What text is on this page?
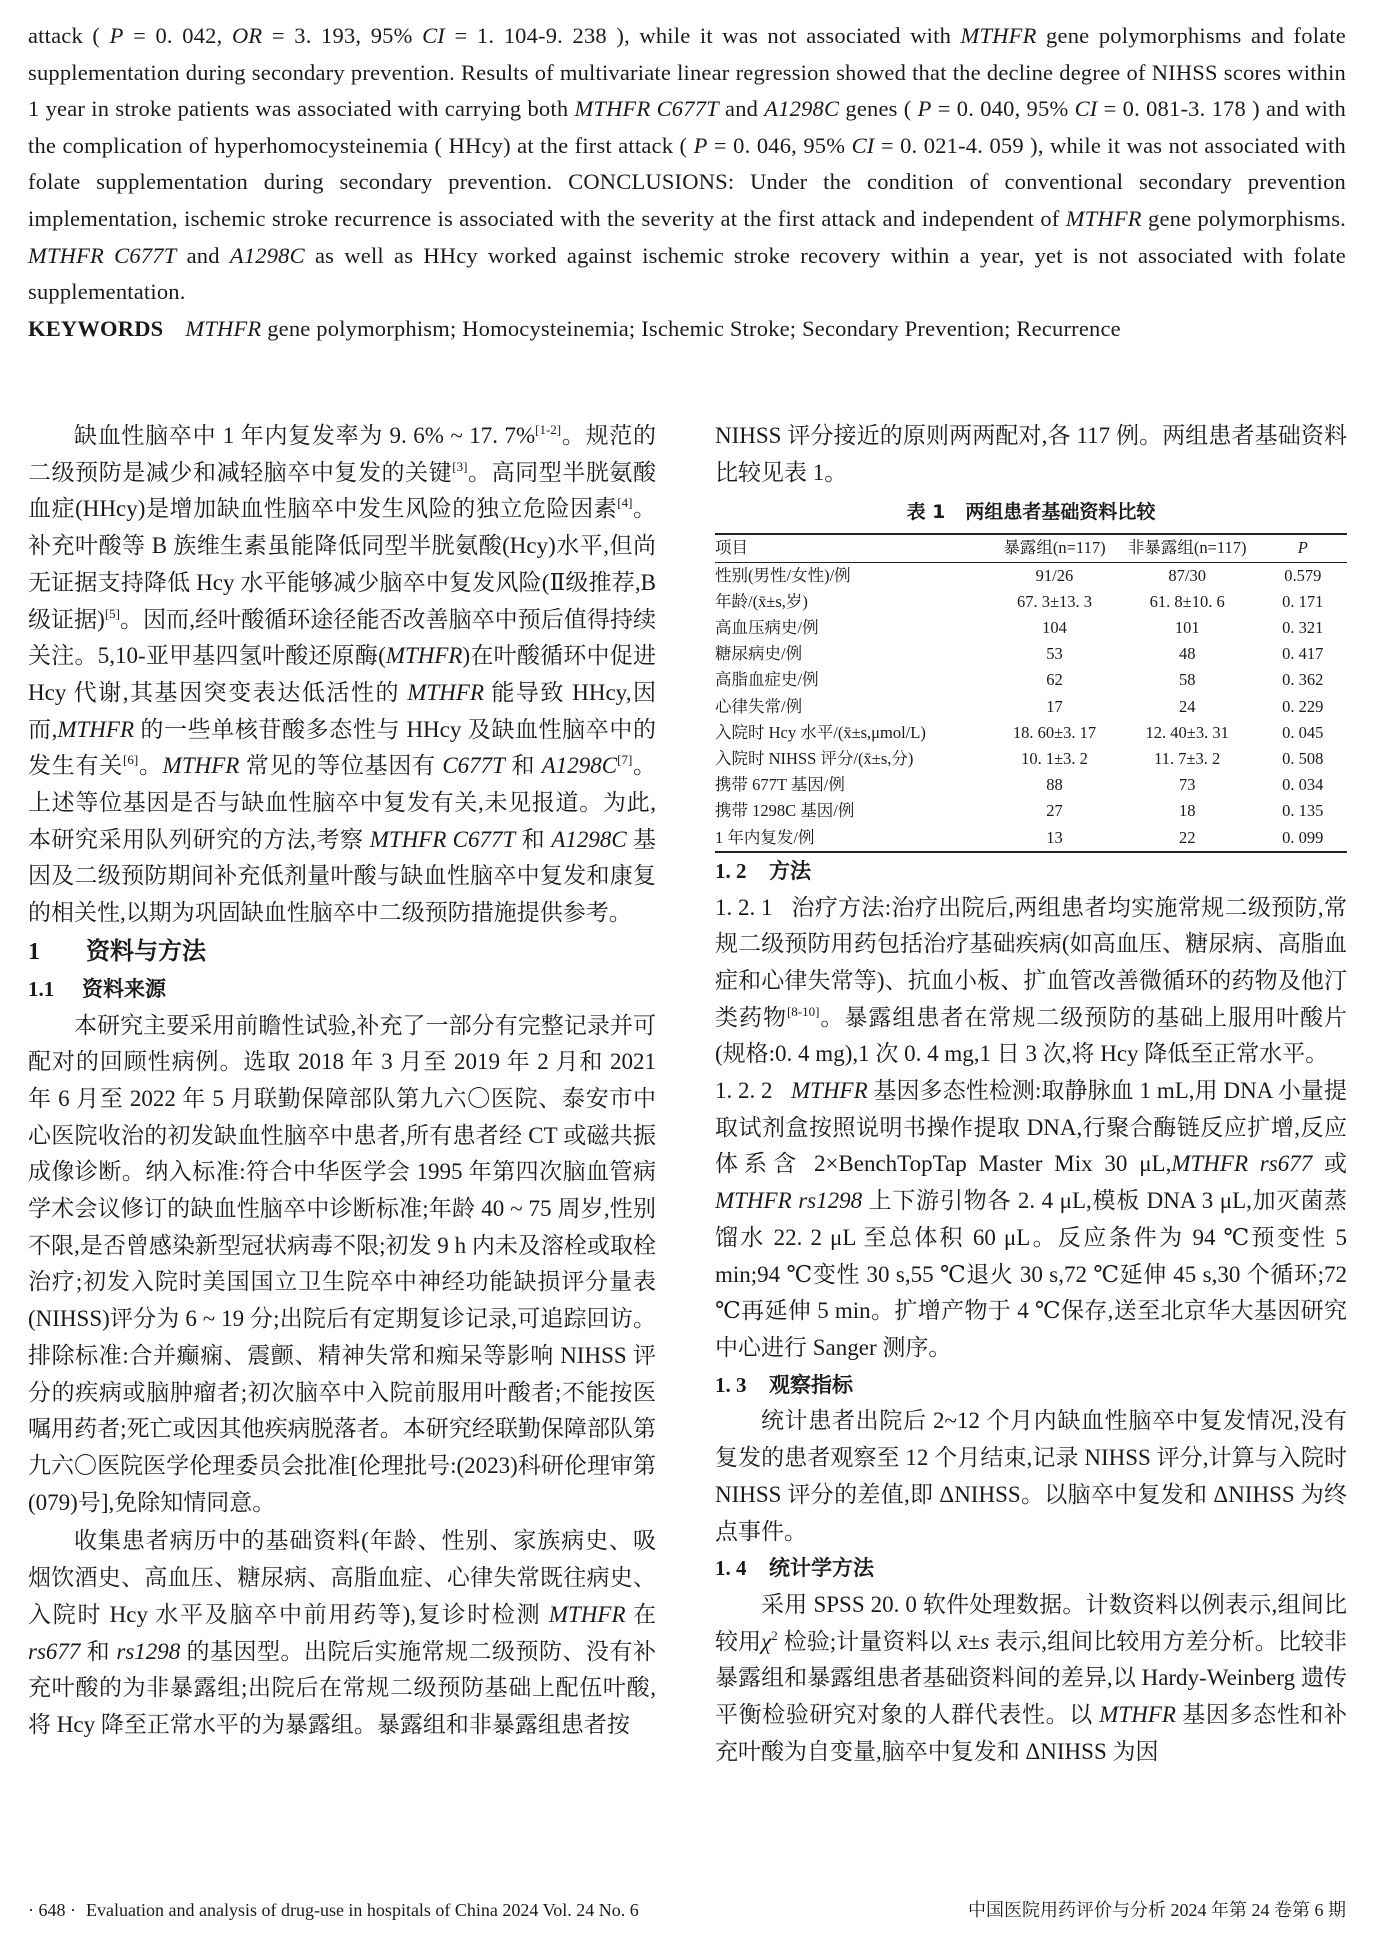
attack ( P = 0. 042, OR = 3. 193, 95% CI = 1. 104-9. 238 ), while it was not associated with MTHFR gene polymorphisms and folate supplementation during secondary prevention. Results of multivariate linear regression showed that the decline degree of NIHSS scores within 1 year in stroke patients was associated with carrying both MTHFR C677T and A1298C genes ( P = 0. 040, 95% CI = 0. 081-3. 178 ) and with the complication of hyperhomocysteinemia ( HHcy) at the first attack ( P = 0. 046, 95% CI = 0. 021-4. 059 ), while it was not associated with folate supplementation during secondary prevention. CONCLUSIONS: Under the condition of conventional secondary prevention implementation, ischemic stroke recurrence is associated with the severity at the first attack and independent of MTHFR gene polymorphisms. MTHFR C677T and A1298C as well as HHcy worked against ischemic stroke recovery within a year, yet is not associated with folate supplementation.

KEYWORDS MTHFR gene polymorphism; Homocysteinemia; Ischemic Stroke; Secondary Prevention; Recurrence

缺血性脑卒中 1 年内复发率为 9. 6% ~ 17. 7%[1-2]。规范的二级预防是减少和减轻脑卒中复发的关键[3]。高同型半胱氨酸血症(HHcy)是增加缺血性脑卒中发生风险的独立危险因素[4]。补充叶酸等 B 族维生素虽能降低同型半胱氨酸(Hcy)水平,但尚无证据支持降低 Hcy 水平能够减少脑卒中复发风险(Ⅱ级推荐,B 级证据)[5]。因而,经叶酸循环途径能否改善脑卒中预后值得持续关注。5,10-亚甲基四氢叶酸还原酶(MTHFR)在叶酸循环中促进 Hcy 代谢,其基因突变表达低活性的 MTHFR 能导致 HHcy,因而,MTHFR 的一些单核苷酸多态性与 HHcy 及缺血性脑卒中的发生有关[6]。MTHFR 常见的等位基因有 C677T 和 A1298C[7]。上述等位基因是否与缺血性脑卒中复发有关,未见报道。为此,本研究采用队列研究的方法,考察 MTHFR C677T 和 A1298C 基因及二级预防期间补充低剂量叶酸与缺血性脑卒中复发和康复的相关性,以期为巩固缺血性脑卒中二级预防措施提供参考。

1 资料与方法

1.1 资料来源

本研究主要采用前瞻性试验,补充了一部分有完整记录并可配对的回顾性病例。选取 2018 年 3 月至 2019 年 2 月和 2021 年 6 月至 2022 年 5 月联勤保障部队第九六〇医院、泰安市中心医院收治的初发缺血性脑卒中患者,所有患者经 CT 或磁共振成像诊断。纳入标准:符合中华医学会 1995 年第四次脑血管病学术会议修订的缺血性脑卒中诊断标准;年龄 40 ~ 75 周岁,性别不限,是否曾感染新型冠状病毒不限;初发 9 h 内未及溶栓或取栓治疗;初发入院时美国国立卫生院卒中神经功能缺损评分量表(NIHSS)评分为 6 ~ 19 分;出院后有定期复诊记录,可追踪回访。排除标准:合并癫痫、震颤、精神失常和痴呆等影响 NIHSS 评分的疾病或脑肿瘤者;初次脑卒中入院前服用叶酸者;不能按医嘱用药者;死亡或因其他疾病脱落者。本研究经联勤保障部队第九六〇医院医学伦理委员会批准[伦理批号:(2023)科研伦理审第(079)号],免除知情同意。

收集患者病历中的基础资料(年龄、性别、家族病史、吸烟饮酒史、高血压、糖尿病、高脂血症、心律失常既往病史、入院时 Hcy 水平及脑卒中前用药等),复诊时检测 MTHFR 在 rs677 和 rs1298 的基因型。出院后实施常规二级预防、没有补充叶酸的为非暴露组;出院后在常规二级预防基础上配伍叶酸,将 Hcy 降至正常水平的为暴露组。暴露组和非暴露组患者按

NIHSS 评分接近的原则两两配对,各 117 例。两组患者基础资料比较见表 1。

表 1 两组患者基础资料比较
项目	暴露组(n=117)	非暴露组(n=117)	P
性别(男性/女性)/例	91/26	87/30	0.579
年龄/(x̄±s,岁)	67. 3±13. 3	61. 8±10. 6	0. 171
高血压病史/例	104	101	0. 321
糖尿病史/例	53	48	0. 417
高脂血症史/例	62	58	0. 362
心律失常/例	17	24	0. 229
入院时 Hcy 水平/(x̄±s,μmol/L)	18. 60±3. 17	12. 40±3. 31	0. 045
入院时 NIHSS 评分/(x̄±s,分)	10. 1±3. 2	11. 7±3. 2	0. 508
携带 677T 基因/例	88	73	0. 034
携带 1298C 基因/例	27	18	0. 135
1 年内复发/例	13	22	0. 099

1. 2 方法

1. 2. 1 治疗方法:治疗出院后,两组患者均实施常规二级预防,常规二级预防用药包括治疗基础疾病(如高血压、糖尿病、高脂血症和心律失常等)、抗血小板、扩血管改善微循环的药物及他汀类药物[8-10]。暴露组患者在常规二级预防的基础上服用叶酸片(规格:0. 4 mg),1 次 0. 4 mg,1 日 3 次,将 Hcy 降低至正常水平。

1. 2. 2 MTHFR 基因多态性检测:取静脉血 1 mL,用 DNA 小量提取试剂盒按照说明书操作提取 DNA,行聚合酶链反应扩增,反应体系含 2×BenchTopTap Master Mix 30 μL,MTHFR rs677 或 MTHFR rs1298 上下游引物各 2. 4 μL,模板 DNA 3 μL,加灭菌蒸馏水 22. 2 μL 至总体积 60 μL。反应条件为 94 ℃预变性 5 min;94 ℃变性 30 s,55 ℃退火 30 s,72 ℃延伸 45 s,30 个循环;72 ℃再延伸 5 min。扩增产物于 4 ℃保存,送至北京华大基因研究中心进行 Sanger 测序。

1. 3 观察指标

统计患者出院后 2~12 个月内缺血性脑卒中复发情况,没有复发的患者观察至 12 个月结束,记录 NIHSS 评分,计算与入院时 NIHSS 评分的差值,即 ΔNIHSS。以脑卒中复发和 ΔNIHSS 为终点事件。

1. 4 统计学方法

采用 SPSS 20. 0 软件处理数据。计数资料以例表示,组间比较用$\chi^2$ 检验;计量资料以 x̄±s 表示,组间比较用方差分析。比较非暴露组和暴露组患者基础资料间的差异,以 Hardy-Weinberg 遗传平衡检验研究对象的人群代表性。以 MTHFR 基因多态性和补充叶酸为自变量,脑卒中复发和 ΔNIHSS 为因

· 648 · Evaluation and analysis of drug-use in hospitals of China 2024 Vol. 24 No. 6	中国医院用药评价与分析 2024 年第 24 卷第 6 期
